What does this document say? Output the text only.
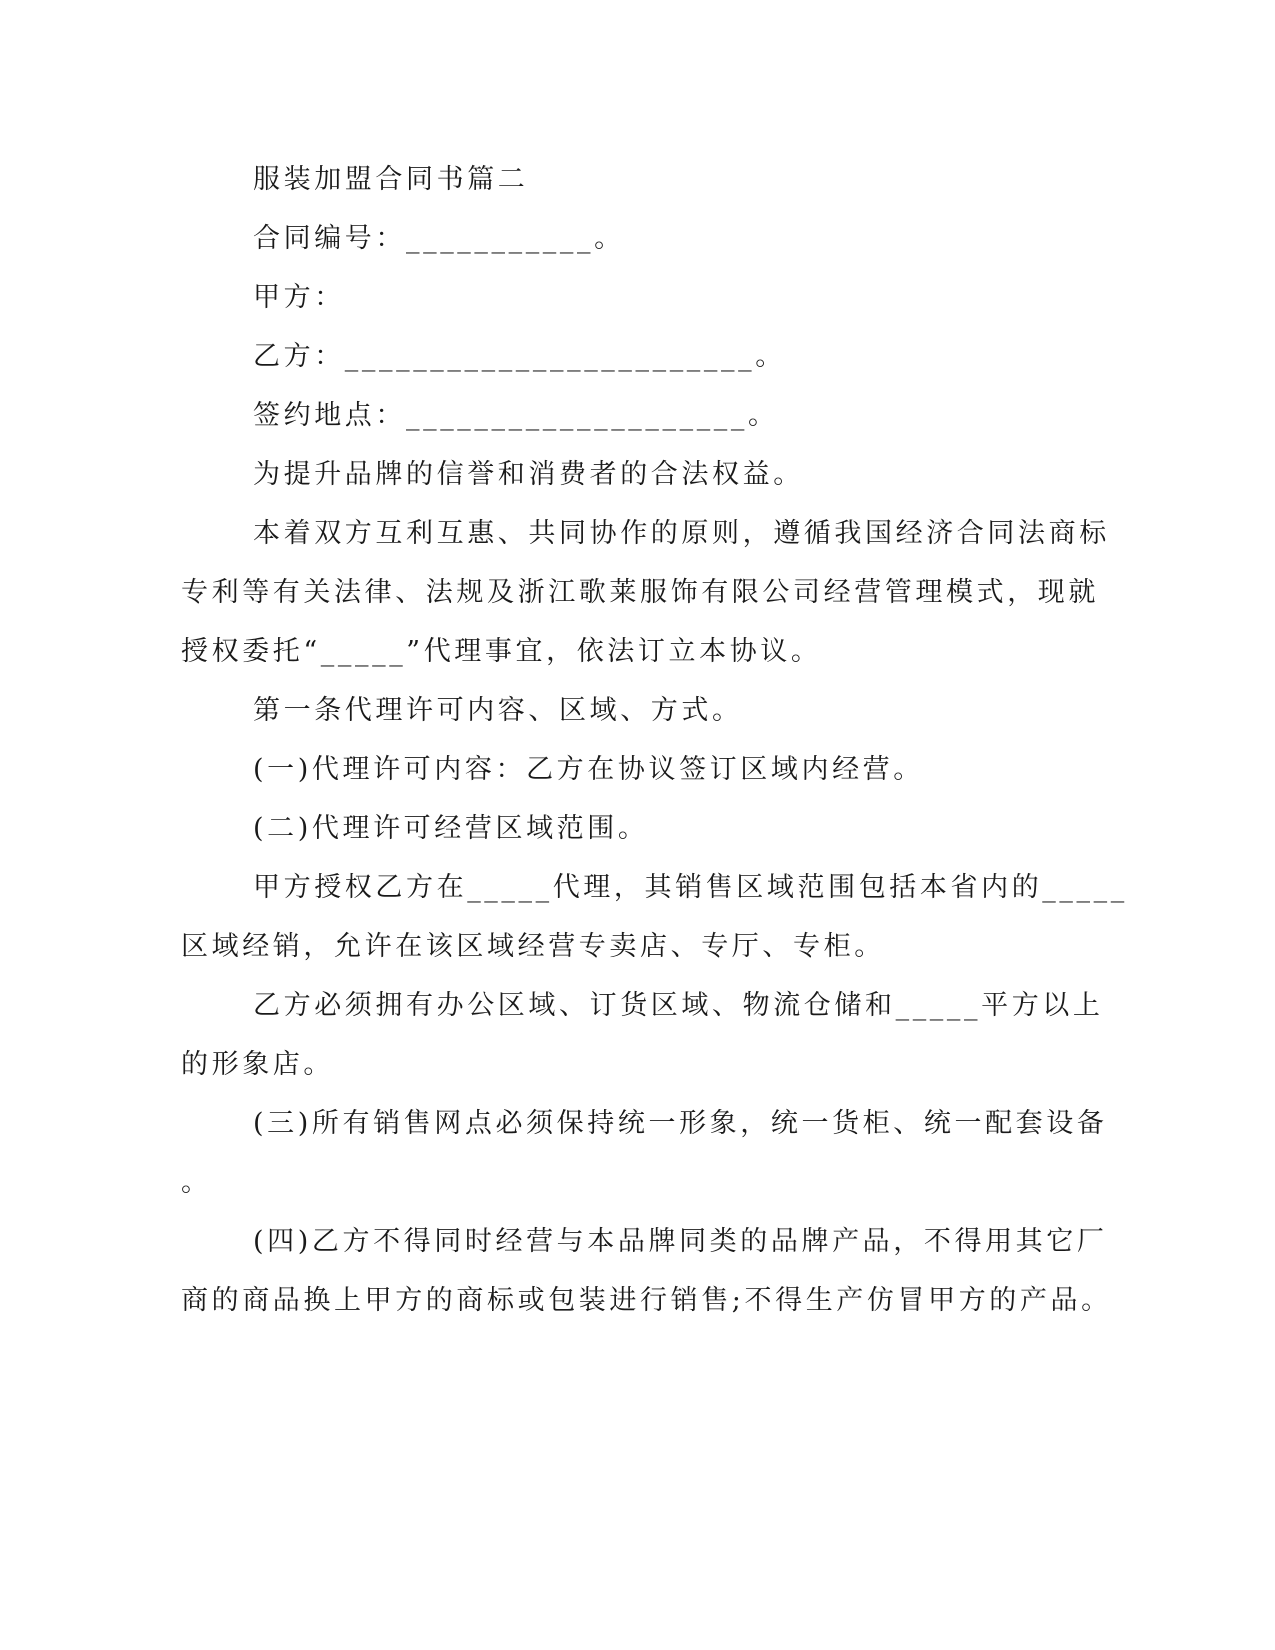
服装加盟合同书篇二
合同编号：___________。
甲方：
乙方：________________________。
签约地点：____________________。
为提升品牌的信誉和消费者的合法权益。
本着双方互利互惠、共同协作的原则，遵循我国经济合同法商标
专利等有关法律、法规及浙江歌莱服饰有限公司经营管理模式，现就
授权委托“_____”代理事宜，依法订立本协议。
第一条代理许可内容、区域、方式。
(一)代理许可内容：乙方在协议签订区域内经营。
(二)代理许可经营区域范围。
甲方授权乙方在_____代理，其销售区域范围包括本省内的_____
区域经销，允许在该区域经营专卖店、专厅、专柜。
乙方必须拥有办公区域、订货区域、物流仓储和_____平方以上
的形象店。
(三)所有销售网点必须保持统一形象，统一货柜、统一配套设备
。
(四)乙方不得同时经营与本品牌同类的品牌产品，不得用其它厂
商的商品换上甲方的商标或包装进行销售;不得生产仿冒甲方的产品。
